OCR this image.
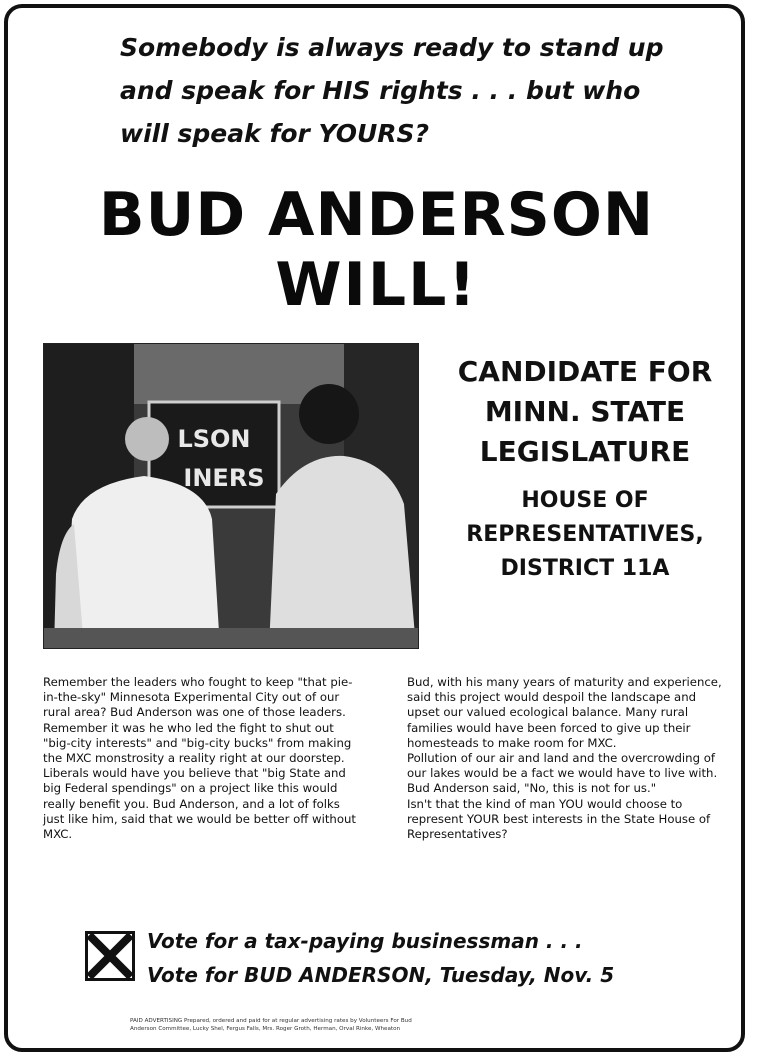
Somebody is always ready to stand up
and speak for HIS rights . . . but who
will speak for YOURS?
BUD ANDERSON
WILL!
LSON
INERS
CANDIDATE FOR
MINN. STATE
LEGISLATURE
HOUSE OF
REPRESENTATIVES,
DISTRICT 11A

Remember the leaders who fought to keep "that pie-in-the-sky" Minnesota Experimental City out of our rural area? Bud Anderson was one of those leaders.

Remember it was he who led the fight to shut out "big-city interests" and "big-city bucks" from making the MXC monstrosity a reality right at our doorstep.

Liberals would have you believe that "big State and big Federal spendings" on a project like this would really benefit you. Bud Anderson, and a lot of folks just like him, said that we would be better off without MXC.

Bud, with his many years of maturity and experience, said this project would despoil the landscape and upset our valued ecological balance. Many rural families would have been forced to give up their homesteads to make room for MXC.

Pollution of our air and land and the overcrowding of our lakes would be a fact we would have to live with. Bud Anderson said, "No, this is not for us."

Isn't that the kind of man YOU would choose to represent YOUR best interests in the State House of Representatives?

Vote for a tax-paying businessman . . .
Vote for BUD ANDERSON, Tuesday, Nov. 5
PAID ADVERTISING Prepared, ordered and paid for at regular advertising rates by Volunteers For Bud
Anderson Committee, Lucky Shel, Fergus Falls, Mrs. Roger Groth, Herman, Orval Rinke, Wheaton
